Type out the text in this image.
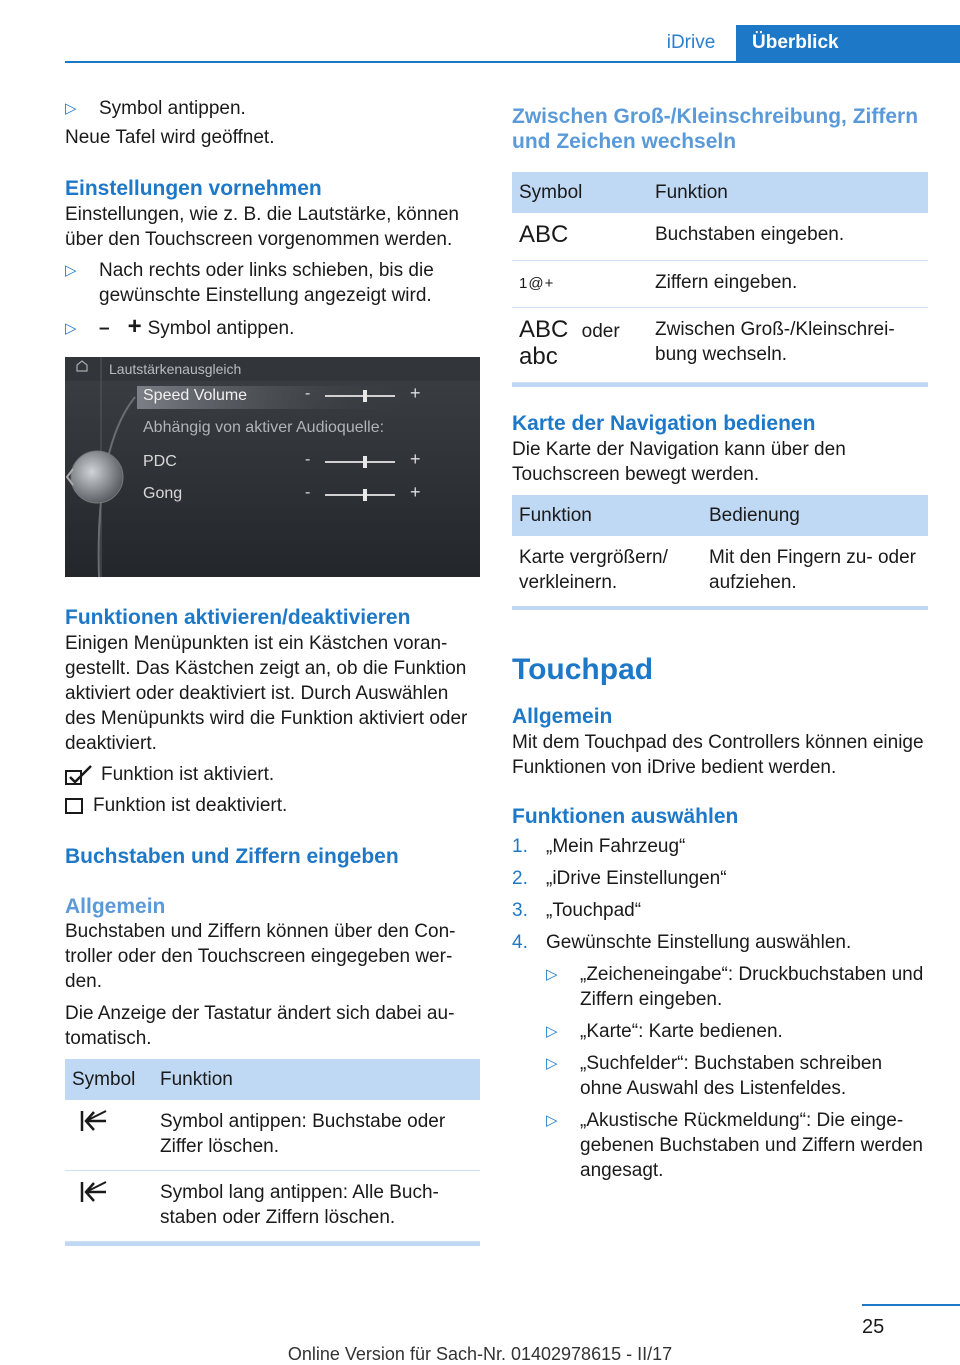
iDrive	Überblick
▷	Symbol antippen.

Neue Tafel wird geöffnet.

Einstellungen vornehmen

Einstellungen, wie z. B. die Lautstärke, können über den Touchscreen vorgenommen werden.

▷	Nach rechts oder links schieben, bis die gewünschte Einstellung angezeigt wird.
▷	– + Symbol antippen.
Lautstärkenausgleich
Speed Volume
Abhängig von aktiver Audioquelle:
PDC
Gong
-
-
-
+
+
+
Funktionen aktivieren/deaktivieren

Einigen Menüpunkten ist ein Kästchen vorangestellt. Das Kästchen zeigt an, ob die Funktion aktiviert oder deaktiviert ist. Durch Auswählen des Menüpunkts wird die Funktion aktiviert oder deaktiviert.

Funktion ist aktiviert.
Funktion ist deaktiviert.
Buchstaben und Ziffern eingeben
Allgemein

Buchstaben und Ziffern können über den Controller oder den Touchscreen eingegeben werden.

Die Anzeige der Tastatur ändert sich dabei automatisch.

Symbol	Funktion
	Symbol antippen: Buchstabe oder Ziffer löschen.
	Symbol lang antippen: Alle Buchstaben oder Ziffern löschen.
Zwischen Groß-/Kleinschreibung, Ziffern und Zeichen wechseln
Symbol	Funktion
ABC	Buchstaben eingeben.
1@+	Ziffern eingeben.
ABC oder
abc	Zwischen Groß-/Kleinschreibung wechseln.
Karte der Navigation bedienen

Die Karte der Navigation kann über den Touchscreen bewegt werden.

Funktion	Bedienung
Karte vergrößern/ verkleinern.	Mit den Fingern zu- oder aufziehen.
Touchpad
Allgemein

Mit dem Touchpad des Controllers können einige Funktionen von iDrive bedient werden.

Funktionen auswählen
1. „Mein Fahrzeug“
2. „iDrive Einstellungen“
3. „Touchpad“
4. Gewünschte Einstellung auswählen.
▷	„Zeicheneingabe“: Druckbuchstaben und Ziffern eingeben.
▷	„Karte“: Karte bedienen.
▷	„Suchfelder“: Buchstaben schreiben ohne Auswahl des Listenfeldes.
▷	„Akustische Rückmeldung“: Die eingegebenen Buchstaben und Ziffern werden angesagt.
25
Online Version für Sach-Nr. 01402978615 - II/17
